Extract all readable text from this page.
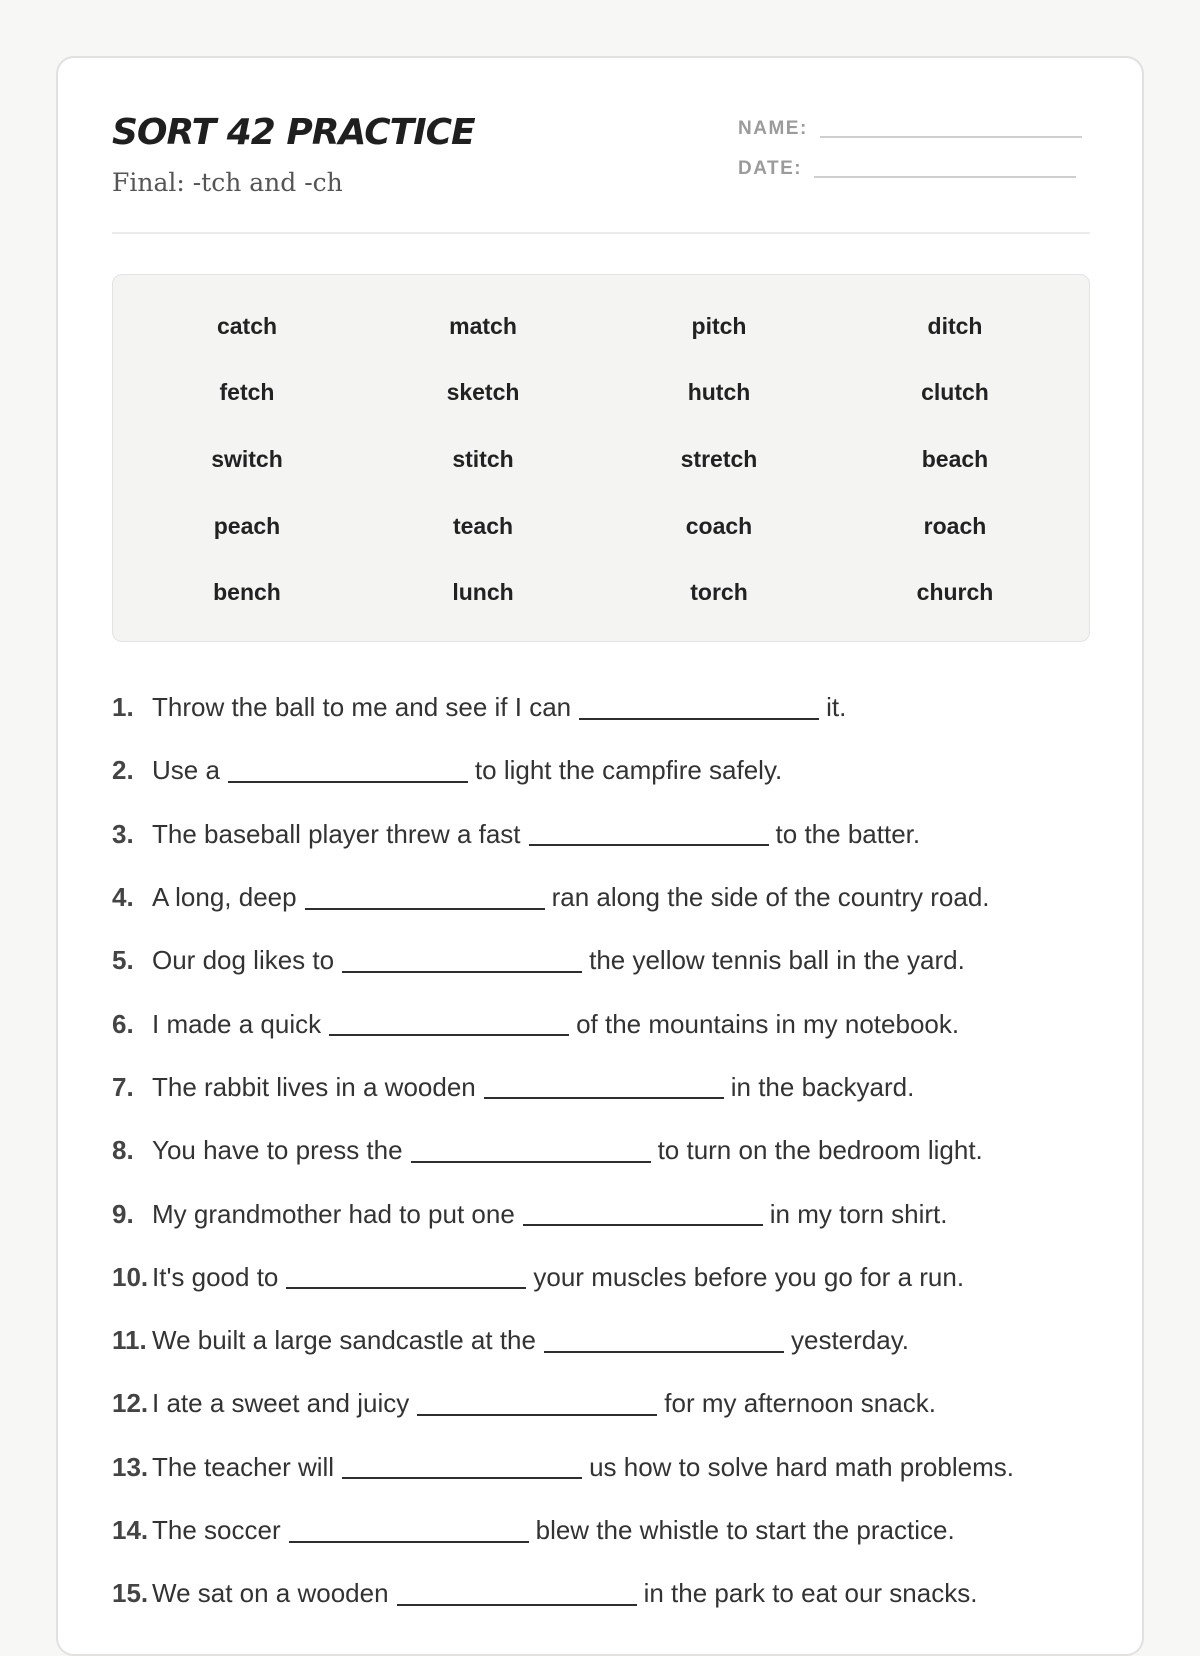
SORT 42 PRACTICE
Final: -tch and -ch
NAME:
DATE:
catch	match	pitch	ditch
fetch	sketch	hutch	clutch
switch	stitch	stretch	beach
peach	teach	coach	roach
bench	lunch	torch	church
1. Throw the ball to me and see if I can	it.
2. Use a	to light the campfire safely.
3. The baseball player threw a fast	to the batter.
4. A long, deep	ran along the side of the country road.
5. Our dog likes to	the yellow tennis ball in the yard.
6. I made a quick	of the mountains in my notebook.
7. The rabbit lives in a wooden	in the backyard.
8. You have to press the	to turn on the bedroom light.
9. My grandmother had to put one	in my torn shirt.
10. It's good to	your muscles before you go for a run.
11. We built a large sandcastle at the	yesterday.
12. I ate a sweet and juicy	for my afternoon snack.
13. The teacher will	us how to solve hard math problems.
14. The soccer	blew the whistle to start the practice.
15. We sat on a wooden	in the park to eat our snacks.
